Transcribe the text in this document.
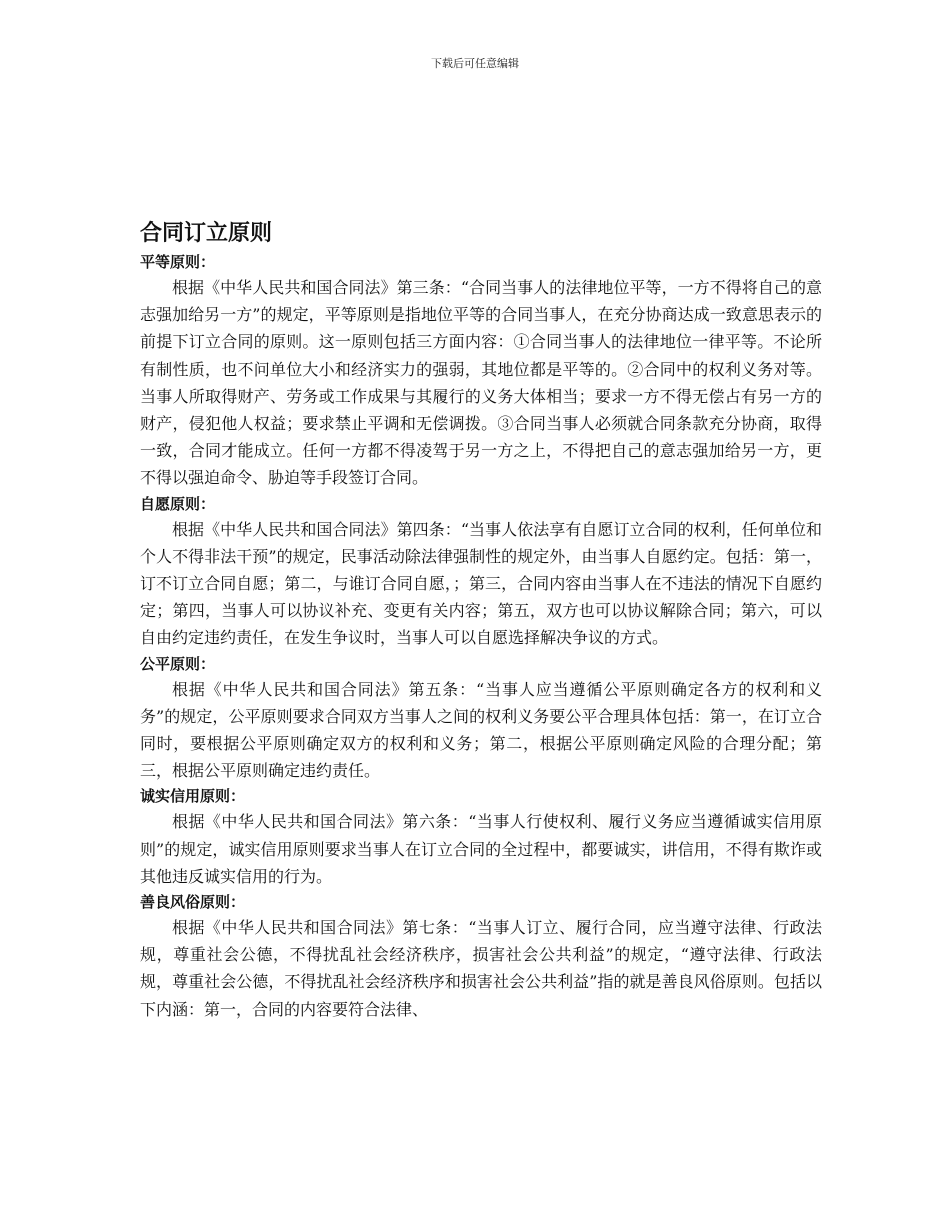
下载后可任意编辑
合同订立原则

平等原则：

根据《中华人民共和国合同法》第三条：“合同当事人的法律地位平等，一方不得将自己的意志强加给另一方”的规定，平等原则是指地位平等的合同当事人，在充分协商达成一致意思表示的前提下订立合同的原则。这一原则包括三方面内容：①合同当事人的法律地位一律平等。不论所有制性质，也不问单位大小和经济实力的强弱，其地位都是平等的。②合同中的权利义务对等。当事人所取得财产、劳务或工作成果与其履行的义务大体相当；要求一方不得无偿占有另一方的财产，侵犯他人权益；要求禁止平调和无偿调拨。③合同当事人必须就合同条款充分协商，取得一致，合同才能成立。任何一方都不得凌驾于另一方之上，不得把自己的意志强加给另一方，更不得以强迫命令、胁迫等手段签订合同。

自愿原则：

根据《中华人民共和国合同法》第四条：“当事人依法享有自愿订立合同的权利，任何单位和个人不得非法干预”的规定，民事活动除法律强制性的规定外，由当事人自愿约定。包括：第一，订不订立合同自愿；第二，与谁订合同自愿，；第三，合同内容由当事人在不违法的情况下自愿约定；第四，当事人可以协议补充、变更有关内容；第五，双方也可以协议解除合同；第六，可以自由约定违约责任，在发生争议时，当事人可以自愿选择解决争议的方式。

公平原则：

根据《中华人民共和国合同法》第五条：“当事人应当遵循公平原则确定各方的权利和义务”的规定，公平原则要求合同双方当事人之间的权利义务要公平合理具体包括：第一，在订立合同时，要根据公平原则确定双方的权利和义务；第二，根据公平原则确定风险的合理分配；第三，根据公平原则确定违约责任。

诚实信用原则：

根据《中华人民共和国合同法》第六条：“当事人行使权利、履行义务应当遵循诚实信用原则”的规定，诚实信用原则要求当事人在订立合同的全过程中，都要诚实，讲信用，不得有欺诈或其他违反诚实信用的行为。

善良风俗原则：

根据《中华人民共和国合同法》第七条：“当事人订立、履行合同，应当遵守法律、行政法规，尊重社会公德，不得扰乱社会经济秩序，损害社会公共利益”的规定，“遵守法律、行政法规，尊重社会公德，不得扰乱社会经济秩序和损害社会公共利益”指的就是善良风俗原则。包括以下内涵：第一，合同的内容要符合法律、
